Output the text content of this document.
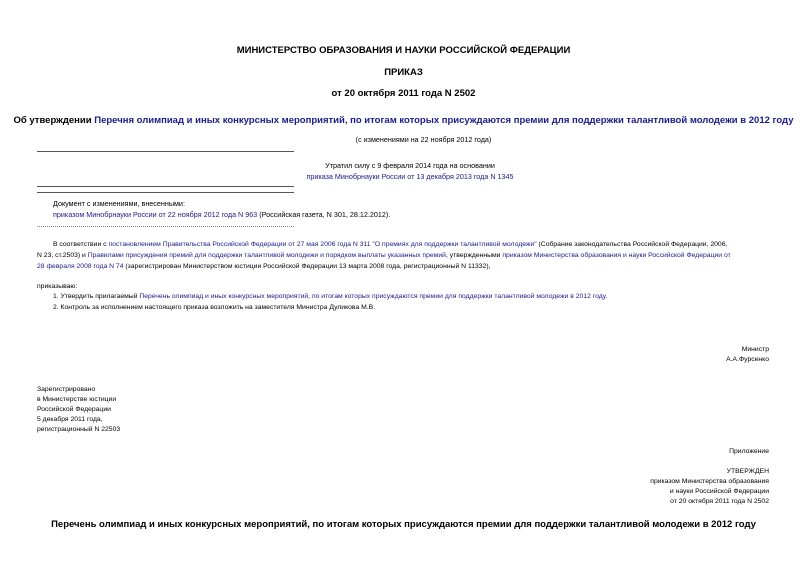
МИНИСТЕРСТВО ОБРАЗОВАНИЯ И НАУКИ РОССИЙСКОЙ ФЕДЕРАЦИИ
ПРИКАЗ
от 20 октября 2011 года N 2502
Об утверждении Перечня олимпиад и иных конкурсных мероприятий, по итогам которых присуждаются премии для поддержки талантливой молодежи в 2012 году
(с изменениями на 22 ноября 2012 года)
Утратил силу с 9 февраля 2014 года на основании
приказа Минобрнауки России от 13 декабря 2013 года N 1345
Документ с изменениями, внесенными:
приказом Минобрнауки России от 22 ноября 2012 года N 963 (Российская газета, N 301, 28.12.2012).
В соответствии с постановлением Правительства Российской Федерации от 27 мая 2006 года N 311 "О премиях для поддержки талантливой молодежи" (Собрание законодательства Российской Федерации, 2006,
N 23, ст.2503) и Правилами присуждения премий для поддержки талантливой молодежи и порядком выплаты указанных премий, утвержденными приказом Министерства образования и науки Российской Федерации от
28 февраля 2008 года N 74 (зарегистрирован Министерством юстиции Российской Федерации 13 марта 2008 года, регистрационный N 11332),
приказываю:
1. Утвердить прилагаемый Перечень олимпиад и иных конкурсных мероприятий, по итогам которых присуждаются премии для поддержки талантливой молодежи в 2012 году.
2. Контроль за исполнением настоящего приказа возложить на заместителя Министра Дуликова М.В.
Министр
А.А.Фурсенко
Зарегистрировано
в Министерстве юстиции
Российской Федерации
5 декабря 2011 года,
регистрационный N 22503
Приложение
УТВЕРЖДЕН
приказом Министерства образования
и науки Российской Федерации
от 20 октября 2011 года N 2502
Перечень олимпиад и иных конкурсных мероприятий, по итогам которых присуждаются премии для поддержки талантливой молодежи в 2012 году
